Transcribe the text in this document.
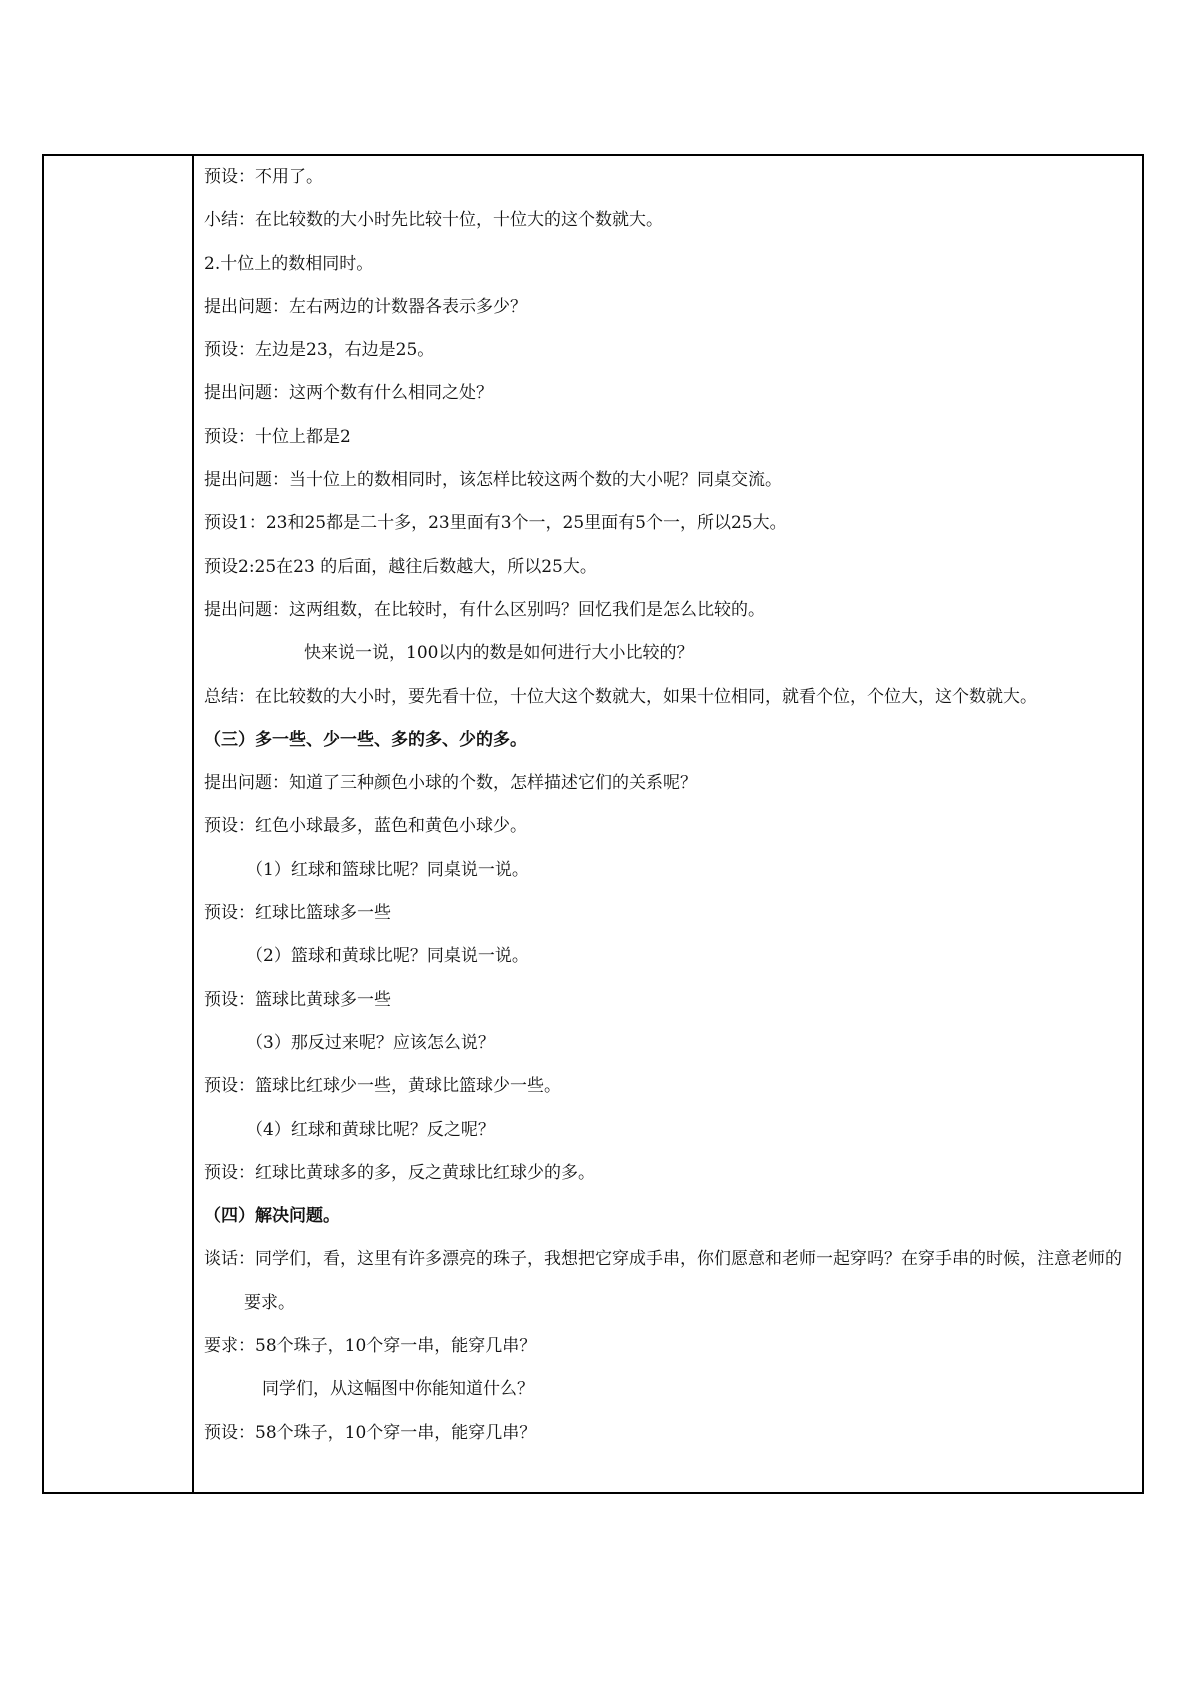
预设：不用了。

小结：在比较数的大小时先比较十位，十位大的这个数就大。

2.十位上的数相同时。

提出问题：左右两边的计数器各表示多少？

预设：左边是23，右边是25。

提出问题：这两个数有什么相同之处？

预设：十位上都是2

提出问题：当十位上的数相同时，该怎样比较这两个数的大小呢？同桌交流。

预设1：23和25都是二十多，23里面有3个一，25里面有5个一，所以25大。

预设2:25在23 的后面，越往后数越大，所以25大。

提出问题：这两组数，在比较时，有什么区别吗？回忆我们是怎么比较的。

快来说一说，100以内的数是如何进行大小比较的？

总结：在比较数的大小时，要先看十位，十位大这个数就大，如果十位相同，就看个位，个位大，这个数就大。

（三）多一些、少一些、多的多、少的多。

提出问题：知道了三种颜色小球的个数，怎样描述它们的关系呢？

预设：红色小球最多，蓝色和黄色小球少。

（1）红球和篮球比呢？同桌说一说。

预设：红球比篮球多一些

（2）篮球和黄球比呢？同桌说一说。

预设：篮球比黄球多一些

（3）那反过来呢？应该怎么说？

预设：篮球比红球少一些，黄球比篮球少一些。

（4）红球和黄球比呢？反之呢？

预设：红球比黄球多的多，反之黄球比红球少的多。

（四）解决问题。

谈话：同学们，看，这里有许多漂亮的珠子，我想把它穿成手串，你们愿意和老师一起穿吗？在穿手串的时候，注意老师的要求。

要求：58个珠子，10个穿一串，能穿几串？

同学们，从这幅图中你能知道什么？

预设：58个珠子，10个穿一串，能穿几串？
